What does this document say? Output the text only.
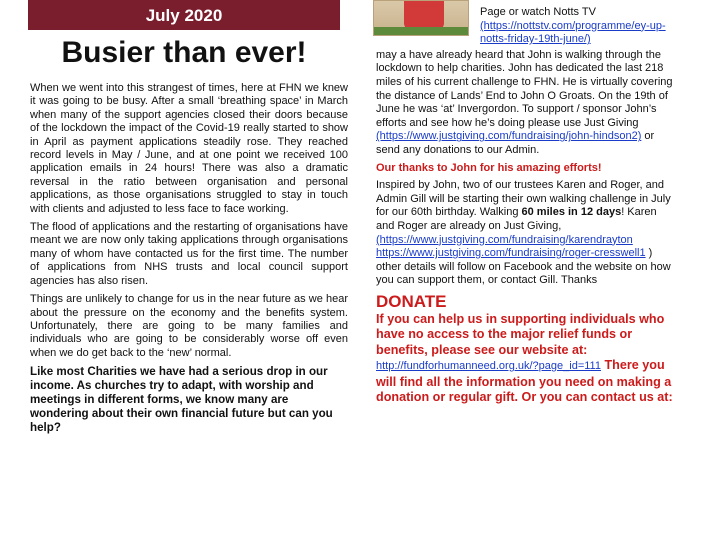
July 2020
Busier than ever!

When we went into this strangest of times, here at FHN we knew it was going to be busy. After a small ‘breathing space’ in March when many of the support agencies closed their doors because of the lockdown the impact of the Covid-19 really started to show in April as payment applications steadily rose. They reached record levels in May / June, and at one point we received 100 application emails in 24 hours! There was also a dramatic reversal in the ratio between organisation and personal applications, as those organisations struggled to stay in touch with clients and adjusted to less face to face working.

The flood of applications and the restarting of organisations have meant we are now only taking applications through organisations many of whom have contacted us for the first time. The number of applications from NHS trusts and local council support agencies has also risen.

Things are unlikely to change for us in the near future as we hear about the pressure on the economy and the benefits system. Unfortunately, there are going to be many families and individuals who are going to be considerably worse off even when we do get back to the ‘new’ normal.

Like most Charities we have had a serious drop in our income. As churches try to adapt, with worship and meetings in different forms, we know many are wondering about their own financial future but can you help?

Page or watch Notts TV
(https://nottstv.com/programme/ey-up-notts-friday-19th-june/)
may a have already heard that John is walking through the lockdown to help charities. John has dedicated the last 218 miles of his current challenge to FHN. He is virtually covering the distance of Lands’ End to John O Groats. On the 19th of June he was ‘at’ Invergordon. To support / sponsor John’s efforts and see how he’s doing please use Just Giving (https://www.justgiving.com/fundraising/john-hindson2) or send any donations to our Admin.
Our thanks to John for his amazing efforts!
Inspired by John, two of our trustees Karen and Roger, and Admin Gill will be starting their own walking challenge in July for our 60th birthday. Walking 60 miles in 12 days! Karen and Roger are already on Just Giving, (https://www.justgiving.com/fundraising/karendrayton https://www.justgiving.com/fundraising/roger-cresswell1 ) other details will follow on Facebook and the website on how you can support them, or contact Gill. Thanks
DONATE
If you can help us in supporting individuals who have no access to the major relief funds or benefits, please see our website at: http://fundforhumanneed.org.uk/?page_id=111 There you will find all the information you need on making a donation or regular gift. Or you can contact us at:
